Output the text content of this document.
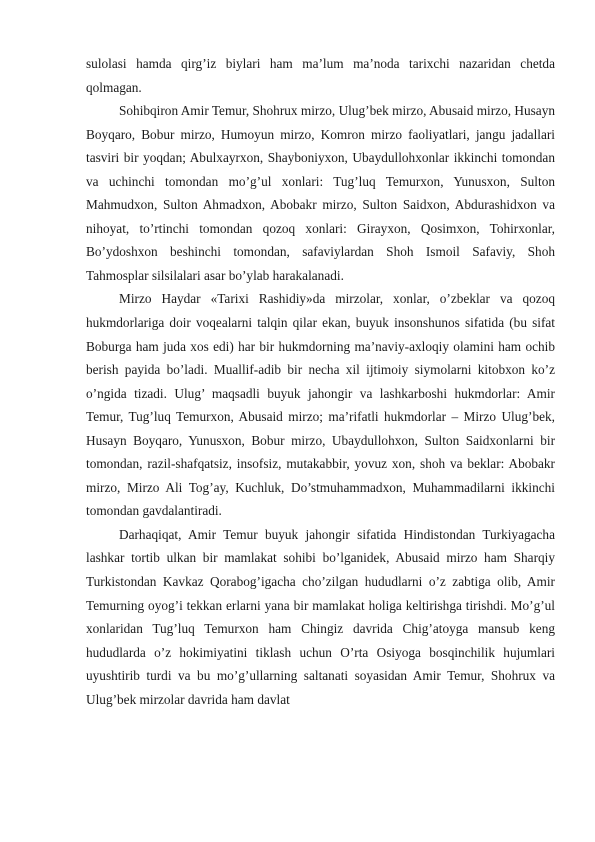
sulolasi hamda qirg’iz biylari ham ma’lum ma’noda tarixchi nazaridan chetda qolmagan.

Sohibqiron Amir Temur, Shohrux mirzo, Ulug’bek mirzo, Abusaid mirzo, Husayn Boyqaro, Bobur mirzo, Humoyun mirzo, Komron mirzo faoliyatlari, jangu jadallari tasviri bir yoqdan; Abulxayrxon, Shayboniyxon, Ubaydullohxonlar ikkinchi tomondan va uchinchi tomondan mo’g’ul xonlari: Tug’luq Temurxon, Yunusxon, Sulton Mahmudxon, Sulton Ahmadxon, Abobakr mirzo, Sulton Saidxon, Abdurashidxon va nihoyat, to’rtinchi tomondan qozoq xonlari: Girayxon, Qosimxon, Tohirxonlar, Bo’ydoshxon beshinchi tomondan, safaviylardan Shoh Ismoil Safaviy, Shoh Tahmosplar silsilalari asar bo’ylab harakalanadi.

Mirzo Haydar «Tarixi Rashidiy»da mirzolar, xonlar, o’zbeklar va qozoq hukmdorlariga doir voqealarni talqin qilar ekan, buyuk insonshunos sifatida (bu sifat Boburga ham juda xos edi) har bir hukmdorning ma’naviy-axloqiy olamini ham ochib berish payida bo’ladi. Muallif-adib bir necha xil ijtimoiy siymolarni kitobxon ko’z o’ngida tizadi. Ulug’ maqsadli buyuk jahongir va lashkarboshi hukmdorlar: Amir Temur, Tug’luq Temurxon, Abusaid mirzo; ma’rifatli hukmdorlar – Mirzo Ulug’bek, Husayn Boyqaro, Yunusxon, Bobur mirzo, Ubaydullohxon, Sulton Saidxonlarni bir tomondan, razil-shafqatsiz, insofsiz, mutakabbir, yovuz xon, shoh va beklar: Abobakr mirzo, Mirzo Ali Tog’ay, Kuchluk, Do’stmuhammadxon, Muhammadilarni ikkinchi tomondan gavdalantiradi.

Darhaqiqat, Amir Temur buyuk jahongir sifatida Hindistondan Turkiyagacha lashkar tortib ulkan bir mamlakat sohibi bo’lganidek, Abusaid mirzo ham Sharqiy Turkistondan Kavkaz Qorabog’igacha cho’zilgan hududlarni o’z zabtiga olib, Amir Temurning oyog’i tekkan erlarni yana bir mamlakat holiga keltirishga tirishdi. Mo’g’ul xonlaridan Tug’luq Temurxon ham Chingiz davrida Chig’atoyga mansub keng hududlarda o’z hokimiyatini tiklash uchun O’rta Osiyoga bosqinchilik hujumlari uyushtirib turdi va bu mo’g’ullarning saltanati soyasidan Amir Temur, Shohrux va Ulug’bek mirzolar davrida ham davlat
